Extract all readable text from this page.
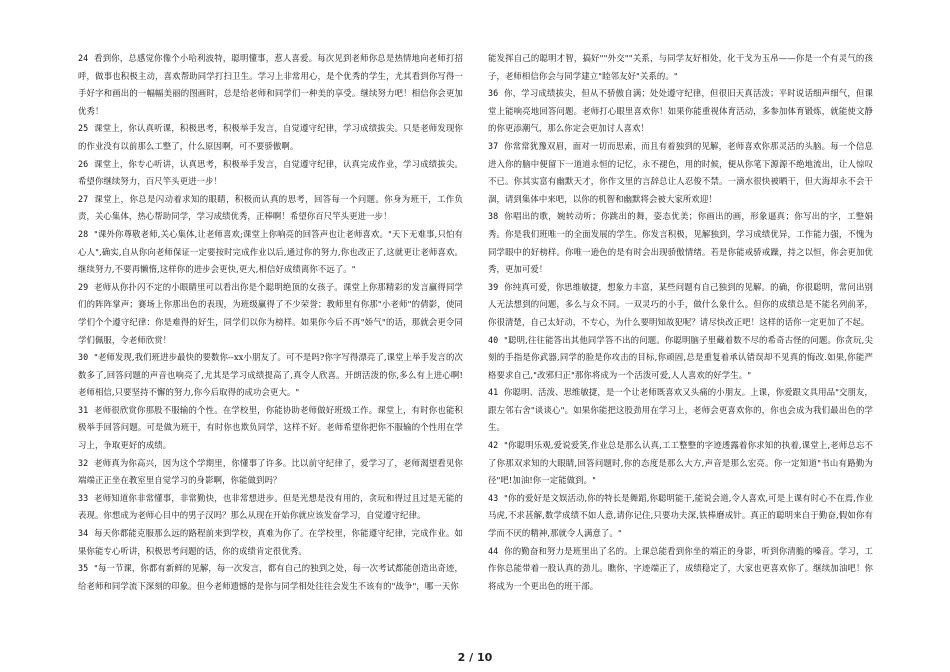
24 看到你，总感觉你像个小哈利波特，聪明懂事，惹人喜爱。每次见到老师你总是热情地向老师打招呼，做事也积极主动，喜欢帮助同学打扫卫生。学习上非常用心，是个优秀的学生，尤其看到你写得一手好字和画出的一幅幅美丽的图画时，总是给老师和同学们一种美的享受。继续努力吧！相信你会更加优秀！

25 课堂上，你认真听课，积极思考，积极举手发言，自觉遵守纪律，学习成绩拔尖。只是老师发现你的作业没有以前那么工整了，什么原因啊，可不要骄傲啊。

26 课堂上，你专心听讲，认真思考，积极举手发言，自觉遵守纪律，认真完成作业，学习成绩拔尖。希望你继续努力，百尺竿头更进一步！

27 课堂上，你总是闪动着求知的眼睛，积极而认真的思考，回答每一个问题。你身为班干，工作负责，关心集体，热心帮助同学，学习成绩优秀，正棒啊！希望你百尺竿头更进一步！

28 "课外你尊敬老师,关心集体,让老师喜欢;课堂上你响亮的回答声也让老师喜欢。"天下无难事,只怕有心人",确实,自从你向老师保证一定要按时完成作业以后,通过你的努力,你也改正了,这就更让老师喜欢。继续努力,不要再懒惰,这样你的进步会更快,更大,相信好成绩离你不远了。"

29 老师从你扑闪不定的小眼睛里可以看出你是个聪明绝顶的女孩子。课堂上你那精彩的发言赢得同学们的阵阵掌声；赛场上你那出色的表现，为班级赢得了不少荣誉；教师里有你那"小老师"的倩影，使同学们个个遵守纪律：你是难得的好生，同学们以你为榜样。如果你今后不再"娇气"的话，那就会更令同学们佩服，令老师欣赏！

30 "老师发现,我们班进步最快的要数你--xx小朋友了。可不是吗?你字写得漂亮了,课堂上举手发言的次数多了,回答问题的声音也响亮了,尤其是学习成绩提高了,真令人欣喜。开朗活泼的你,多么有上进心啊!老师相信,只要坚持不懈的努力,你今后取得的成功会更大。"

31 老师很欣赏你那股不服输的个性。在学校里，你能协助老师做好班级工作。课堂上，有时你也能积极举手回答问题。可是做为班干，有时你也欺负同学，这样不好。老师希望你把你不服输的个性用在学习上，争取更好的成绩。

32 老师真为你高兴，因为这个学期里，你懂事了许多。比以前守纪律了，爱学习了，老师渴望看见你端端正正坐在教室里自觉学习的身影啊，你能做到吗？

33 老师知道你非常懂事，非常勤快，也非常想进步。但是光想是没有用的，贪玩和得过且过是无能的表现。你想成为老师心目中的男子汉吗？那么从现在开始你就应该发奋学习，自觉遵守纪律。

34 每天你都能克服那么远的路程前来到学校，真难为你了。在学校里，你能遵守纪律，完成作业。如果你能专心听讲，积极思考问题的话，你的成绩肯定很优秀。

35 "每一节课，你都有新鲜的见解，每一次发言，都有自己的独到之处，每一次考试都能创造出奇迹，给老师和同学流下深刻的印象。但今老师遗憾的是你与同学相处往往会发生不该有的"战争"，哪一天你

能发挥自己的聪明才智，搞好""外交""关系，与同学友好相处，化干戈为玉帛——你是一个有灵气的孩子，老师相信你会与同学建立"睦邻友好"关系的。"

36 你，学习成绩拔尖，但从不骄傲自满；处处遵守纪律，但很旧天真活泼；平时说话细声细气，但课堂上能响亮地回答问题。老师打心眼里喜欢你！如果你能重视体育活动，多参加体育锻炼，就能使文静的你更添潮气，那么你定会更加讨人喜欢！

37 你常常犹豫双眉，面对一切而思索，而且有着独到的见解，老师喜欢你那灵活的头脑。每一个信息进入你的脑中便留下一道道永恒的记忆，永不褪色，用的时候，便从你笔下源源不绝地流出，让人惊叹不已。你其实富有幽默天才，你作文里的言辞总让人忍俊不禁。一滴水很快被晒干，但大海却永不会干涸，请到集体中来吧，以你的机智和幽默将会被大家所欢迎！

38 你唱出的歌，婉转动听；你跳出的舞，姿态优美；你画出的画，形象逼真；你写出的字，工整娟秀。你是我们班唯一的全面发展的学生。你发言积极，见解独到，学习成绩优异，工作能力强，不愧为同学眼中的好榜样。你唯一逊色的是有时会出现骄傲情绪。若是你能戒骄戒躁，持之以恒，你会更加优秀，更加可爱！

39 你纯真可爱，你思维敏捷，想象力丰富，某些问题有自己独到的见解。的确，你很聪明，常问出别人无法想到的问题，多么与众不同。一双灵巧的小手，做什么象什么。但你的成绩总是不能名列前茅，你很清楚，自己太好动，不专心，为什么要明知故犯呢？请尽快改正吧！这样的话你一定更加了不起。

40 "聪明,往往能答出其他同学答不出的问题。你聪明脑子里藏着数不尽的希奇古怪的问题。你贪玩,尖刻的手指是你武器,同学的脸是你攻击的目标,你顽固,总是重复着承认错误却不见真的悔改.如果,你能严格要求自己,"改邪归正"那你将成为一个活泼可爱,人人喜欢的好学生。"

41 你聪明、活泼、思维敏捷，是一个让老师既喜欢又头痛的小朋友。上课，你爱跟文具用品"交朋友，跟左邻右舍"谈谈心"。如果你能把这股劲用在学习上，老师会更喜欢你的，你也会成为我们最出色的学生。

42 "你聪明乐观,爱说爱笑,作业总是那么认真,工工整整的字迹透露着你求知的执着,课堂上,老师总忘不了你那双求知的大眼睛,回答问题时,你的态度是那么大方,声音是那么宏亮。你一定知道"书山有路勤为径"吧!加油!你一定能做到。"

43 "你的爱好是文娱活动,你的特长是舞蹈,你聪明能干,能说会道,令人喜欢,可是上课有时心不在焉,作业马虎,不求甚解,数学成绩不如人意,请你记住,只要功夫深,铁棒磨成针。真正的聪明来自于勤奋,假如你有学而不厌的精神,那就令人满意了。"

44 你的勤奋和努力是班里出了名的。上课总能看到你坐的端正的身影，听到你清脆的嗓音。学习，工作你总能带着一股认真的劲儿。瞧你，字迹端正了，成绩稳定了，大家也更喜欢你了。继续加油吧！你将成为一个更出色的班干部。

2 / 10
